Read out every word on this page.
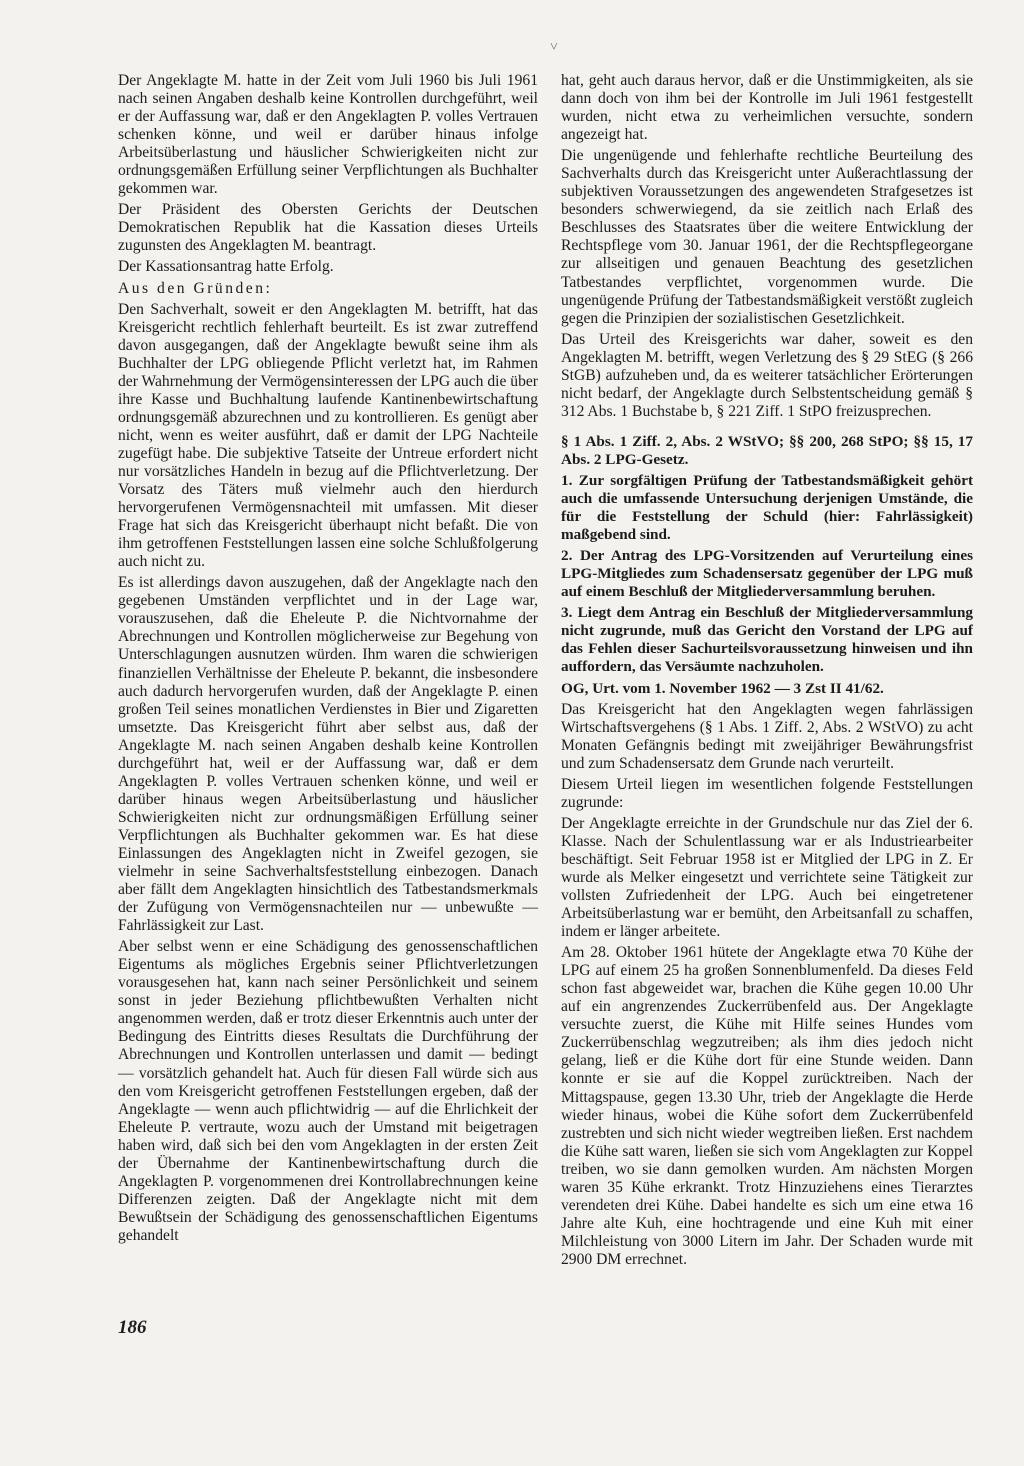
˅

Der Angeklagte M. hatte in der Zeit vom Juli 1960 bis Juli 1961 nach seinen Angaben deshalb keine Kontrollen durchgeführt, weil er der Auffassung war, daß er den Angeklagten P. volles Vertrauen schenken könne, und weil er darüber hinaus infolge Arbeitsüberlastung und häuslicher Schwierigkeiten nicht zur ordnungsgemäßen Erfüllung seiner Verpflichtungen als Buchhalter gekommen war.

Der Präsident des Obersten Gerichts der Deutschen Demokratischen Republik hat die Kassation dieses Urteils zugunsten des Angeklagten M. beantragt.

Der Kassationsantrag hatte Erfolg.

Aus den Gründen:

Den Sachverhalt, soweit er den Angeklagten M. betrifft, hat das Kreisgericht rechtlich fehlerhaft beurteilt. Es ist zwar zutreffend davon ausgegangen, daß der Angeklagte bewußt seine ihm als Buchhalter der LPG obliegende Pflicht verletzt hat, im Rahmen der Wahrnehmung der Vermögensinteressen der LPG auch die über ihre Kasse und Buchhaltung laufende Kantinenbewirtschaftung ordnungsgemäß abzurechnen und zu kontrollieren. Es genügt aber nicht, wenn es weiter ausführt, daß er damit der LPG Nachteile zugefügt habe. Die subjektive Tatseite der Untreue erfordert nicht nur vorsätzliches Handeln in bezug auf die Pflichtverletzung. Der Vorsatz des Täters muß vielmehr auch den hierdurch hervorgerufenen Vermögensnachteil mit umfassen. Mit dieser Frage hat sich das Kreisgericht überhaupt nicht befaßt. Die von ihm getroffenen Feststellungen lassen eine solche Schlußfolgerung auch nicht zu.

Es ist allerdings davon auszugehen, daß der Angeklagte nach den gegebenen Umständen verpflichtet und in der Lage war, vorauszusehen, daß die Eheleute P. die Nichtvornahme der Abrechnungen und Kontrollen möglicherweise zur Begehung von Unterschlagungen ausnutzen würden. Ihm waren die schwierigen finanziellen Verhältnisse der Eheleute P. bekannt, die insbesondere auch dadurch hervorgerufen wurden, daß der Angeklagte P. einen großen Teil seines monatlichen Verdienstes in Bier und Zigaretten umsetzte. Das Kreisgericht führt aber selbst aus, daß der Angeklagte M. nach seinen Angaben deshalb keine Kontrollen durchgeführt hat, weil er der Auffassung war, daß er dem Angeklagten P. volles Vertrauen schenken könne, und weil er darüber hinaus wegen Arbeitsüberlastung und häuslicher Schwierigkeiten nicht zur ordnungsmäßigen Erfüllung seiner Verpflichtungen als Buchhalter gekommen war. Es hat diese Einlassungen des Angeklagten nicht in Zweifel gezogen, sie vielmehr in seine Sachverhaltsfeststellung einbezogen. Danach aber fällt dem Angeklagten hinsichtlich des Tatbestandsmerkmals der Zufügung von Vermögensnachteilen nur — unbewußte — Fahrlässigkeit zur Last.

Aber selbst wenn er eine Schädigung des genossenschaftlichen Eigentums als mögliches Ergebnis seiner Pflichtverletzungen vorausgesehen hat, kann nach seiner Persönlichkeit und seinem sonst in jeder Beziehung pflichtbewußten Verhalten nicht angenommen werden, daß er trotz dieser Erkenntnis auch unter der Bedingung des Eintritts dieses Resultats die Durchführung der Abrechnungen und Kontrollen unterlassen und damit — bedingt — vorsätzlich gehandelt hat. Auch für diesen Fall würde sich aus den vom Kreisgericht getroffenen Feststellungen ergeben, daß der Angeklagte — wenn auch pflichtwidrig — auf die Ehrlichkeit der Eheleute P. vertraute, wozu auch der Umstand mit beigetragen haben wird, daß sich bei den vom Angeklagten in der ersten Zeit der Übernahme der Kantinenbewirtschaftung durch die Angeklagten P. vorgenommenen drei Kontrollabrechnungen keine Differenzen zeigten. Daß der Angeklagte nicht mit dem Bewußtsein der Schädigung des genossenschaftlichen Eigentums gehandelt

hat, geht auch daraus hervor, daß er die Unstimmigkeiten, als sie dann doch von ihm bei der Kontrolle im Juli 1961 festgestellt wurden, nicht etwa zu verheimlichen versuchte, sondern angezeigt hat.

Die ungenügende und fehlerhafte rechtliche Beurteilung des Sachverhalts durch das Kreisgericht unter Außerachtlassung der subjektiven Voraussetzungen des angewendeten Strafgesetzes ist besonders schwerwiegend, da sie zeitlich nach Erlaß des Beschlusses des Staatsrates über die weitere Entwicklung der Rechtspflege vom 30. Januar 1961, der die Rechtspflegeorgane zur allseitigen und genauen Beachtung des gesetzlichen Tatbestandes verpflichtet, vorgenommen wurde. Die ungenügende Prüfung der Tatbestandsmäßigkeit verstößt zugleich gegen die Prinzipien der sozialistischen Gesetzlichkeit.

Das Urteil des Kreisgerichts war daher, soweit es den Angeklagten M. betrifft, wegen Verletzung des § 29 StEG (§ 266 StGB) aufzuheben und, da es weiterer tatsächlicher Erörterungen nicht bedarf, der Angeklagte durch Selbstentscheidung gemäß § 312 Abs. 1 Buchstabe b, § 221 Ziff. 1 StPO freizusprechen.

§ 1 Abs. 1 Ziff. 2, Abs. 2 WStVO; §§ 200, 268 StPO; §§ 15, 17 Abs. 2 LPG-Gesetz.

1. Zur sorgfältigen Prüfung der Tatbestandsmäßigkeit gehört auch die umfassende Untersuchung derjenigen Umstände, die für die Feststellung der Schuld (hier: Fahrlässigkeit) maßgebend sind.

2. Der Antrag des LPG-Vorsitzenden auf Verurteilung eines LPG-Mitgliedes zum Schadensersatz gegenüber der LPG muß auf einem Beschluß der Mitgliederversammlung beruhen.

3. Liegt dem Antrag ein Beschluß der Mitgliederversammlung nicht zugrunde, muß das Gericht den Vorstand der LPG auf das Fehlen dieser Sachurteilsvoraussetzung hinweisen und ihn auffordern, das Versäumte nachzuholen.

OG, Urt. vom 1. November 1962 — 3 Zst II 41/62.

Das Kreisgericht hat den Angeklagten wegen fahrlässigen Wirtschaftsvergehens (§ 1 Abs. 1 Ziff. 2, Abs. 2 WStVO) zu acht Monaten Gefängnis bedingt mit zweijähriger Bewährungsfrist und zum Schadensersatz dem Grunde nach verurteilt.

Diesem Urteil liegen im wesentlichen folgende Feststellungen zugrunde:

Der Angeklagte erreichte in der Grundschule nur das Ziel der 6. Klasse. Nach der Schulentlassung war er als Industriearbeiter beschäftigt. Seit Februar 1958 ist er Mitglied der LPG in Z. Er wurde als Melker eingesetzt und verrichtete seine Tätigkeit zur vollsten Zufriedenheit der LPG. Auch bei eingetretener Arbeitsüberlastung war er bemüht, den Arbeitsanfall zu schaffen, indem er länger arbeitete.

Am 28. Oktober 1961 hütete der Angeklagte etwa 70 Kühe der LPG auf einem 25 ha großen Sonnenblumenfeld. Da dieses Feld schon fast abgeweidet war, brachen die Kühe gegen 10.00 Uhr auf ein angrenzendes Zuckerrübenfeld aus. Der Angeklagte versuchte zuerst, die Kühe mit Hilfe seines Hundes vom Zuckerrübenschlag wegzutreiben; als ihm dies jedoch nicht gelang, ließ er die Kühe dort für eine Stunde weiden. Dann konnte er sie auf die Koppel zurücktreiben. Nach der Mittagspause, gegen 13.30 Uhr, trieb der Angeklagte die Herde wieder hinaus, wobei die Kühe sofort dem Zuckerrübenfeld zustrebten und sich nicht wieder wegtreiben ließen. Erst nachdem die Kühe satt waren, ließen sie sich vom Angeklagten zur Koppel treiben, wo sie dann gemolken wurden. Am nächsten Morgen waren 35 Kühe erkrankt. Trotz Hinzuziehens eines Tierarztes verendeten drei Kühe. Dabei handelte es sich um eine etwa 16 Jahre alte Kuh, eine hochtragende und eine Kuh mit einer Milchleistung von 3000 Litern im Jahr. Der Schaden wurde mit 2900 DM errechnet.

186
